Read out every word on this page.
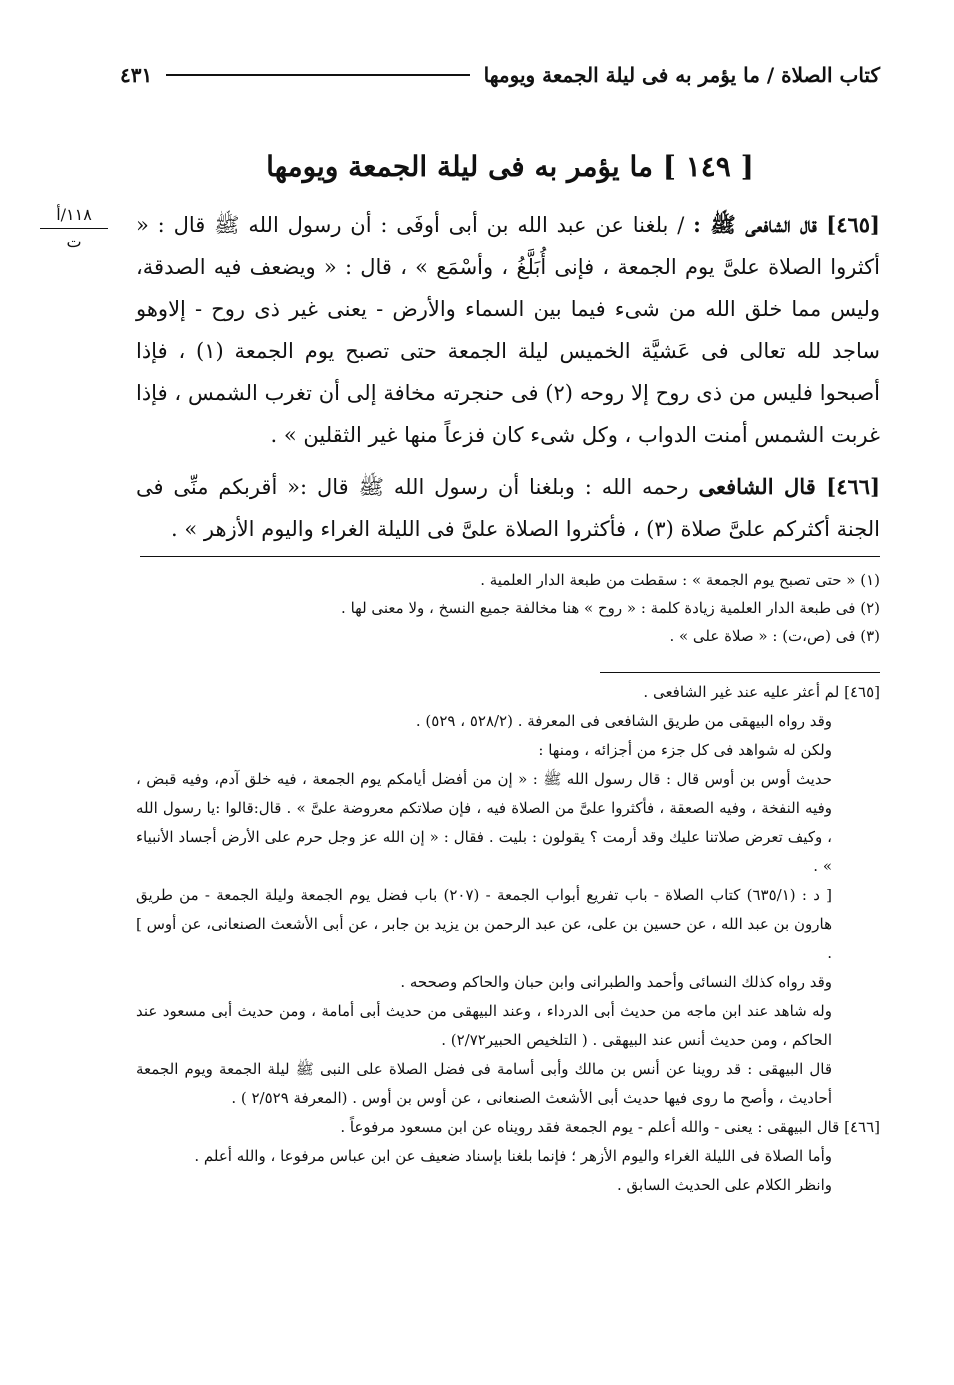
كتاب الصلاة / ما يؤمر به فى ليلة الجمعة ويومها
٤٣١
[ ١٤٩ ] ما يؤمر به فى ليلة الجمعة ويومها
١١٨/أ
ت

[٤٦٥] قال الشافعى ﷺ : / بلغنا عن عبد الله بن أبى أوفَى : أن رسول الله ﷺ قال : « أكثروا الصلاة علىَّ يوم الجمعة ، فإنى أُبَلَّغُ ، وأسْمَع » ، قال : « ويضعف فيه الصدقة، وليس مما خلق الله من شىء فيما بين السماء والأرض - يعنى غير ذى روح - إلاوهو ساجد لله تعالى فى عَشيَّة الخميس ليلة الجمعة حتى تصبح يوم الجمعة (١) ، فإذا أصبحوا فليس من ذى روح إلا روحه (٢) فى حنجرته مخافة إلى أن تغرب الشمس ، فإذا غربت الشمس أمنت الدواب ، وكل شىء كان فزعاً منها غير الثقلين » .

[٤٦٦] قال الشافعى رحمه الله : وبلغنا أن رسول الله ﷺ قال :« أقربكم منِّى فى الجنة أكثركم علىَّ صلاة (٣) ، فأكثروا الصلاة علىَّ فى الليلة الغراء واليوم الأزهر » .

(١) « حتى تصبح يوم الجمعة » : سقطت من طبعة الدار العلمية .
(٢) فى طبعة الدار العلمية زيادة كلمة : « روح » هنا مخالفة جميع النسخ ، ولا معنى لها .
(٣) فى (ص،ت) : « صلاة على » .

[٤٦٥] لم أعثر عليه عند غير الشافعى .

وقد رواه البيهقى من طريق الشافعى فى المعرفة . (٥٢٨/٢ ، ٥٢٩) .

ولكن له شواهد فى كل جزء من أجزائه ، ومنها :

حديث أوس بن أوس قال : قال رسول الله ﷺ : « إن من أفضل أيامكم يوم الجمعة ، فيه خلق آدم، وفيه قبض ، وفيه النفخة ، وفيه الصعقة ، فأكثروا علىَّ من الصلاة فيه ، فإن صلاتكم معروضة علىَّ » . قال:قالوا :يا رسول الله ، وكيف تعرض صلاتنا عليك وقد أرمت ؟ يقولون : بليت . فقال : « إن الله عز وجل حرم على الأرض أجساد الأنبياء » .

[ د : (٦٣٥/١) كتاب الصلاة - باب تفريع أبواب الجمعة - (٢٠٧) باب فضل يوم الجمعة وليلة الجمعة - من طريق هارون بن عبد الله ، عن حسين بن على، عن عبد الرحمن بن يزيد بن جابر ، عن أبى الأشعث الصنعانى، عن أوس ] .

وقد رواه كذلك النسائى وأحمد والطبرانى وابن حبان والحاكم وصححه .

وله شاهد عند ابن ماجه من حديث أبى الدرداء ، وعند البيهقى من حديث أبى أمامة ، ومن حديث أبى مسعود عند الحاكم ، ومن حديث أنس عند البيهقى . ( التلخيص الحبير٢/٧٢) .

قال البيهقى : قد روينا عن أنس بن مالك وأبى أسامة فى فضل الصلاة على النبى ﷺ ليلة الجمعة ويوم الجمعة أحاديث ، وأصح ما روى فيها حديث أبى الأشعث الصنعانى ، عن أوس بن أوس . (المعرفة ٢/٥٢٩ ) .

[٤٦٦] قال البيهقى : يعنى - والله أعلم - يوم الجمعة فقد رويناه عن ابن مسعود مرفوعاً .

وأما الصلاة فى الليلة الغراء واليوم الأزهر ؛ فإنما بلغنا بإسناد ضعيف عن ابن عباس مرفوعا ، والله أعلم .

وانظر الكلام على الحديث السابق .
